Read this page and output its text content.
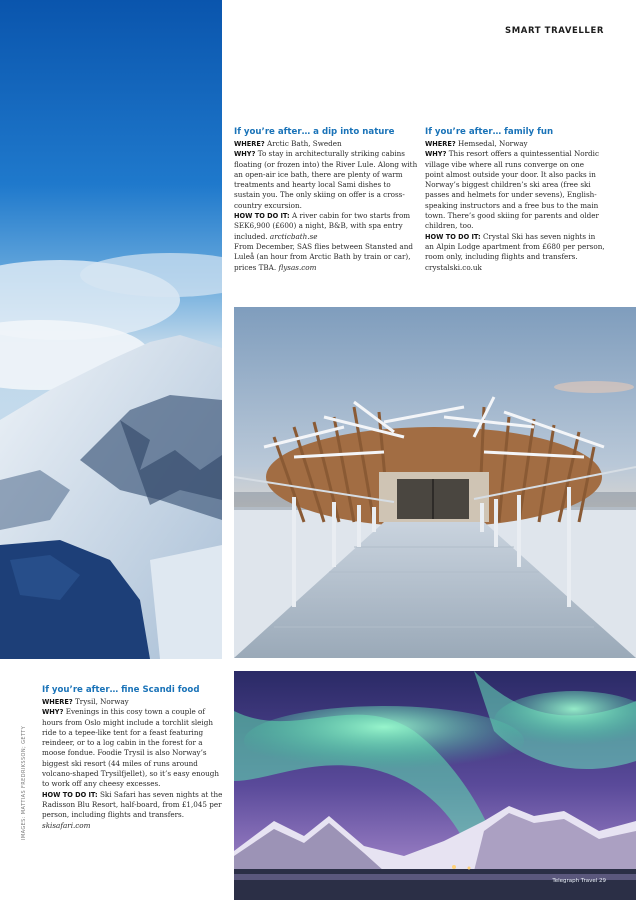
SMART TRAVELLER
If you’re after… a dip into nature

WHERE? Arctic Bath, Sweden

WHY? To stay in architecturally striking cabins floating (or frozen into) the River Lule. Along with an open-air ice bath, there are plenty of warm treatments and hearty local Sami dishes to sustain you. The only skiing on offer is a cross-country excursion.

HOW TO DO IT: A river cabin for two starts from SEK6,900 (£600) a night, B&B, with spa entry included. arcticbath.se

From December, SAS flies between Stansted and Luleå (an hour from Arctic Bath by train or car), prices TBA. flysas.com

If you’re after… family fun

WHERE? Hemsedal, Norway

WHY? This resort offers a quintessential Nordic village vibe where all runs converge on one point almost outside your door. It also packs in Norway’s biggest children’s ski area (free ski passes and helmets for under sevens), English-speaking instructors and a free bus to the main town. There’s good skiing for parents and older children, too.

HOW TO DO IT: Crystal Ski has seven nights in an Alpin Lodge apartment from £680 per person, room only, including flights and transfers. crystalski.co.uk

If you’re after… fine Scandi food

WHERE? Trysil, Norway

WHY? Evenings in this cosy town a couple of hours from Oslo might include a torchlit sleigh ride to a tepee-like tent for a feast featuring reindeer, or to a log cabin in the forest for a moose fondue. Foodie Trysil is also Norway’s biggest ski resort (44 miles of runs around volcano-shaped Trysilfjellet), so it’s easy enough to work off any cheesy excesses.

HOW TO DO IT: Ski Safari has seven nights at the Radisson Blu Resort, half-board, from £1,045 per person, including flights and transfers. skisafari.com

IMAGES: MATTIAS FREDRIKSSON; GETTY
Telegraph Travel 29
